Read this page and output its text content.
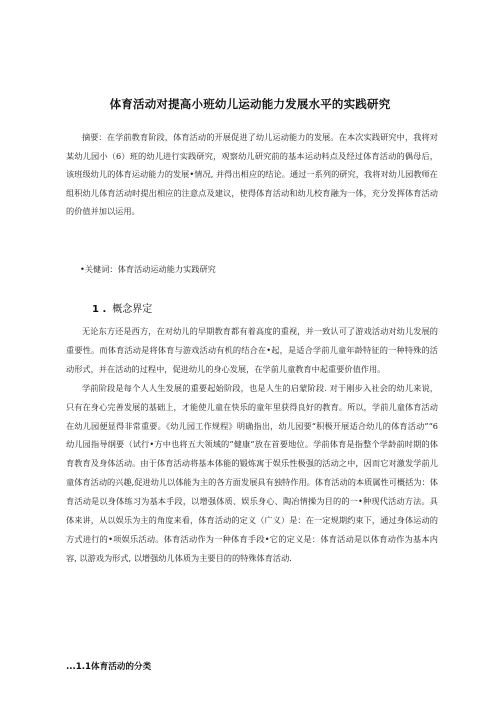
体育活动对提高小班幼儿运动能力发展水平的实践研究
摘要：在学前教育阶段，体育活动的开展促进了幼儿运动能力的发展。在本次实践研究中，我将对某幼儿园小（6）班的幼儿进行实践研究，观察幼儿研究前的基本运动料点及经过体育活动的偶母后，该班级幼儿的体育运动能力的发展•情况, 并得出相应的结论。通过一系列的研究，我将对幼儿园教师在组积幼儿体育活动时提出相应的注意点及建议，使得体育活动和幼儿校育融为一体，充分发挥体育活动的价值并加以运用。
•关健词：体育活动运动能力实践研究
1 . 概念界定

无论东方还是西方，在对幼儿的早期教育都有着高度的重视，并一致认可了游戏活动对幼儿发展的重要性。而体育活动是将体育与游戏活动有机的结合在•起，是适合学前儿童年龄特征的一种特殊的活动形式，并在活动的过程中，促进幼儿的身心发展，在学前儿童教育中起重要价值作用。

学前阶段是每个人人生发展的重要起始阶段，也是人生的启蒙阶段. 对于刚步入社会的幼儿来说，只有在身心完善发展的基础上，才能使儿童在快乐的童年里获得良好的教育。所以，学前儿童体育活动在幼儿园便显得非常重要。《幼儿园工作规程》明确指出，幼儿园要“积极开展适合幼儿的体育活动”“6幼儿园指导纲要（试行•方中也将五大领域的“健康”放在首要地位。学前体育是指整个学龄前时期的体育教育及身体活动。由于体育活动将基本体能的锻炼寓于娱乐性极强的活动之中，因而它对激发学前儿童体育活动的兴趣,促进幼儿以体能为主的各方面发展具有独特作用。体育活动的本质属性可概括为：体育活动是以身体练习为基本手段，以增强体质、娱乐身心、陶冶情操为目的的一•种现代活动方法。具体来讲，从以娱乐为主的角度来看，体育活动的定义（广义）是：在一定规期约束下，通过身体运动的方式进行的•项娱乐活动。体育活动作为一种体育手段•它的定义是：体育活动是以体育动作为基本内容, 以游戏为形式, 以增强幼儿体质为主要目的的特殊体育活动.

...1.1体育活动的分类
